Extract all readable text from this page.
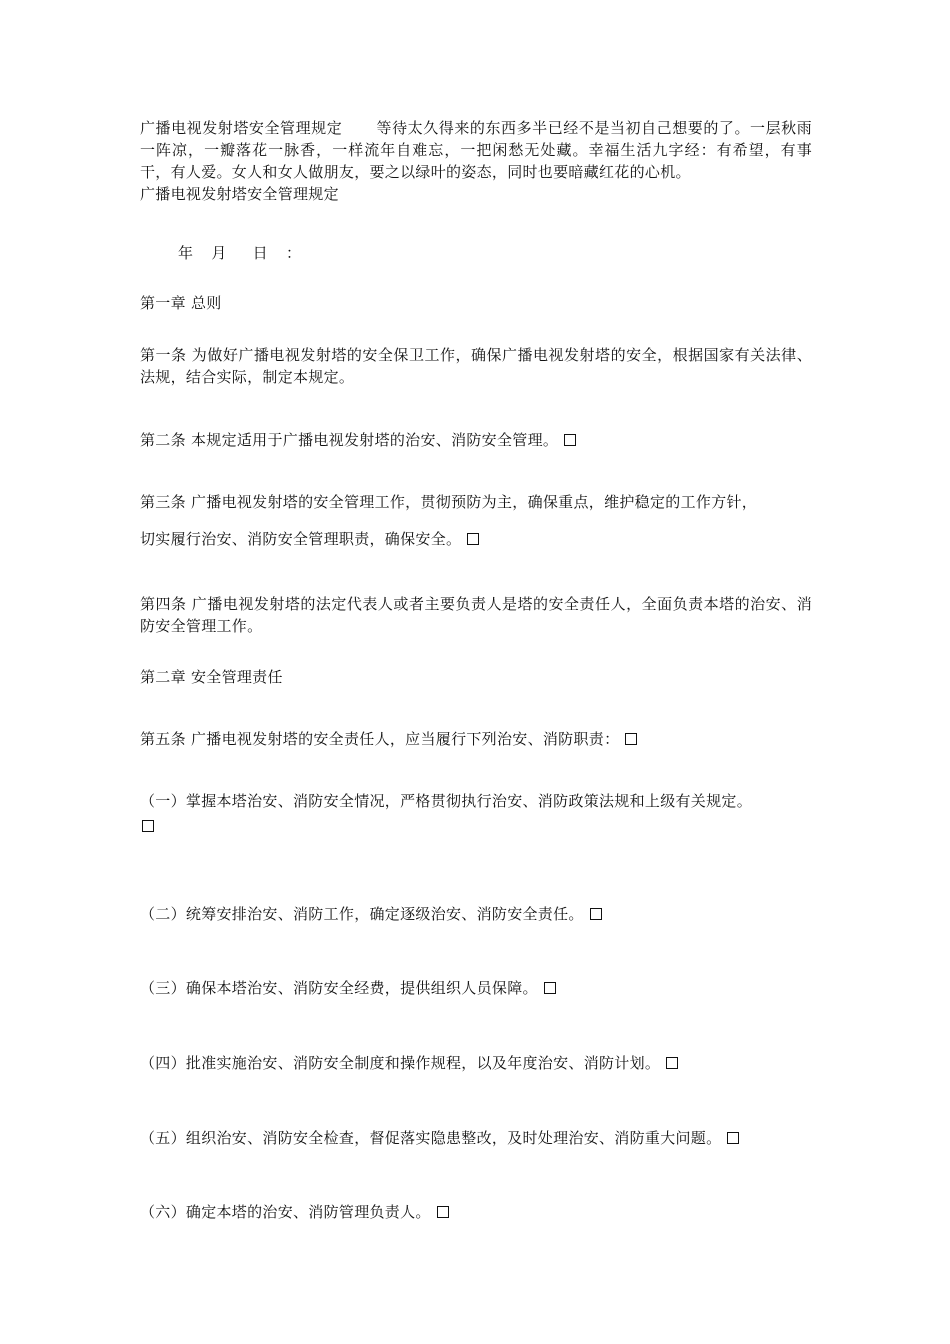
广播电视发射塔安全管理规定 等待太久得来的东西多半已经不是当初自己想要的了。一层秋雨一阵凉，一瓣落花一脉香，一样流年自难忘，一把闲愁无处藏。幸福生活九字经：有希望，有事干，有人爱。女人和女人做朋友，要之以绿叶的姿态，同时也要暗藏红花的心机。
广播电视发射塔安全管理规定
年 月 日 ：
第一章 总则
第一条 为做好广播电视发射塔的安全保卫工作，确保广播电视发射塔的安全，根据国家有关法律、法规，结合实际，制定本规定。
第二条 本规定适用于广播电视发射塔的治安、消防安全管理。
第三条 广播电视发射塔的安全管理工作，贯彻预防为主，确保重点，维护稳定的工作方针，
切实履行治安、消防安全管理职责，确保安全。
第四条 广播电视发射塔的法定代表人或者主要负责人是塔的安全责任人，全面负责本塔的治安、消防安全管理工作。
第二章 安全管理责任
第五条 广播电视发射塔的安全责任人，应当履行下列治安、消防职责：
（一）掌握本塔治安、消防安全情况，严格贯彻执行治安、消防政策法规和上级有关规定。
（二）统筹安排治安、消防工作，确定逐级治安、消防安全责任。
（三）确保本塔治安、消防安全经费，提供组织人员保障。
（四）批准实施治安、消防安全制度和操作规程，以及年度治安、消防计划。
（五）组织治安、消防安全检查，督促落实隐患整改，及时处理治安、消防重大问题。
（六）确定本塔的治安、消防管理负责人。
